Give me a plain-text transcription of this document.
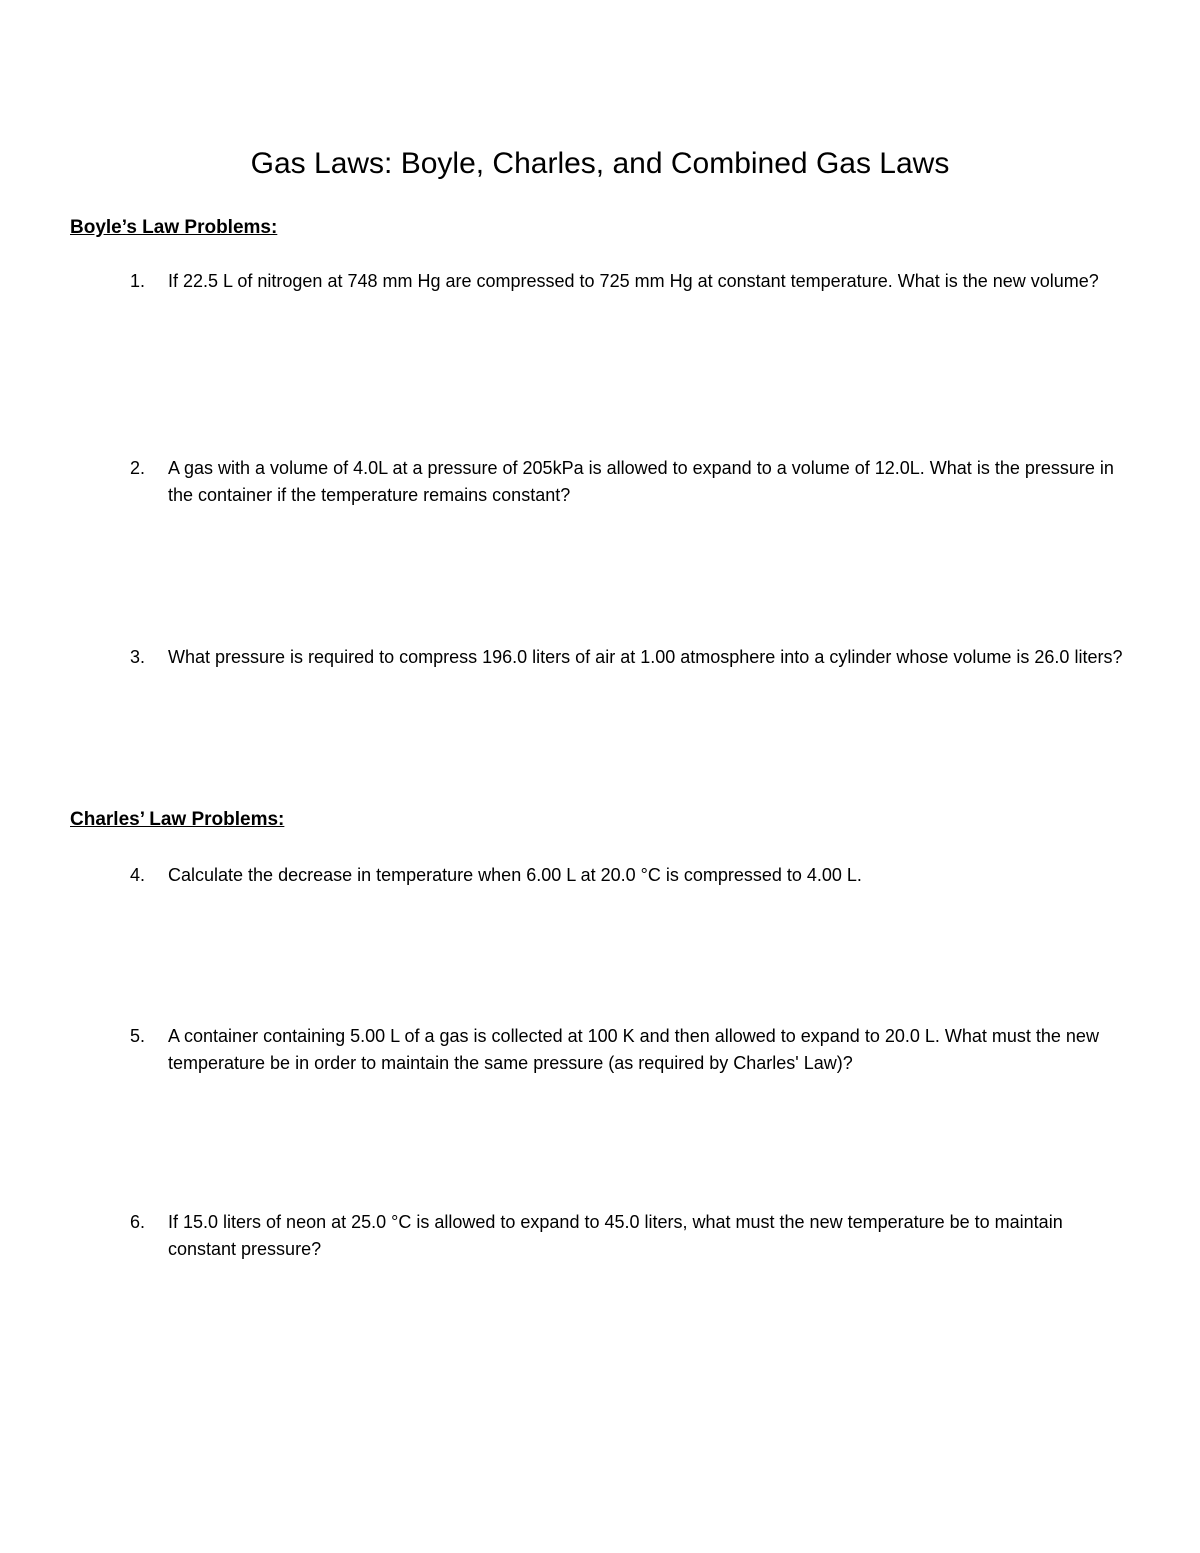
Gas Laws: Boyle, Charles, and Combined Gas Laws
Boyle’s Law Problems:
1.	If 22.5 L of nitrogen at 748 mm Hg are compressed to 725 mm Hg at constant temperature. What is the new volume?
2.	A gas with a volume of 4.0L at a pressure of 205kPa is allowed to expand to a volume of 12.0L. What is the pressure in the container if the temperature remains constant?
3.	What pressure is required to compress 196.0 liters of air at 1.00 atmosphere into a cylinder whose volume is 26.0 liters?
Charles’ Law Problems:
4.	Calculate the decrease in temperature when 6.00 L at 20.0 °C is compressed to 4.00 L.
5.	A container containing 5.00 L of a gas is collected at 100 K and then allowed to expand to 20.0 L. What must the new temperature be in order to maintain the same pressure (as required by Charles' Law)?
6.	If 15.0 liters of neon at 25.0 °C is allowed to expand to 45.0 liters, what must the new temperature be to maintain constant pressure?
